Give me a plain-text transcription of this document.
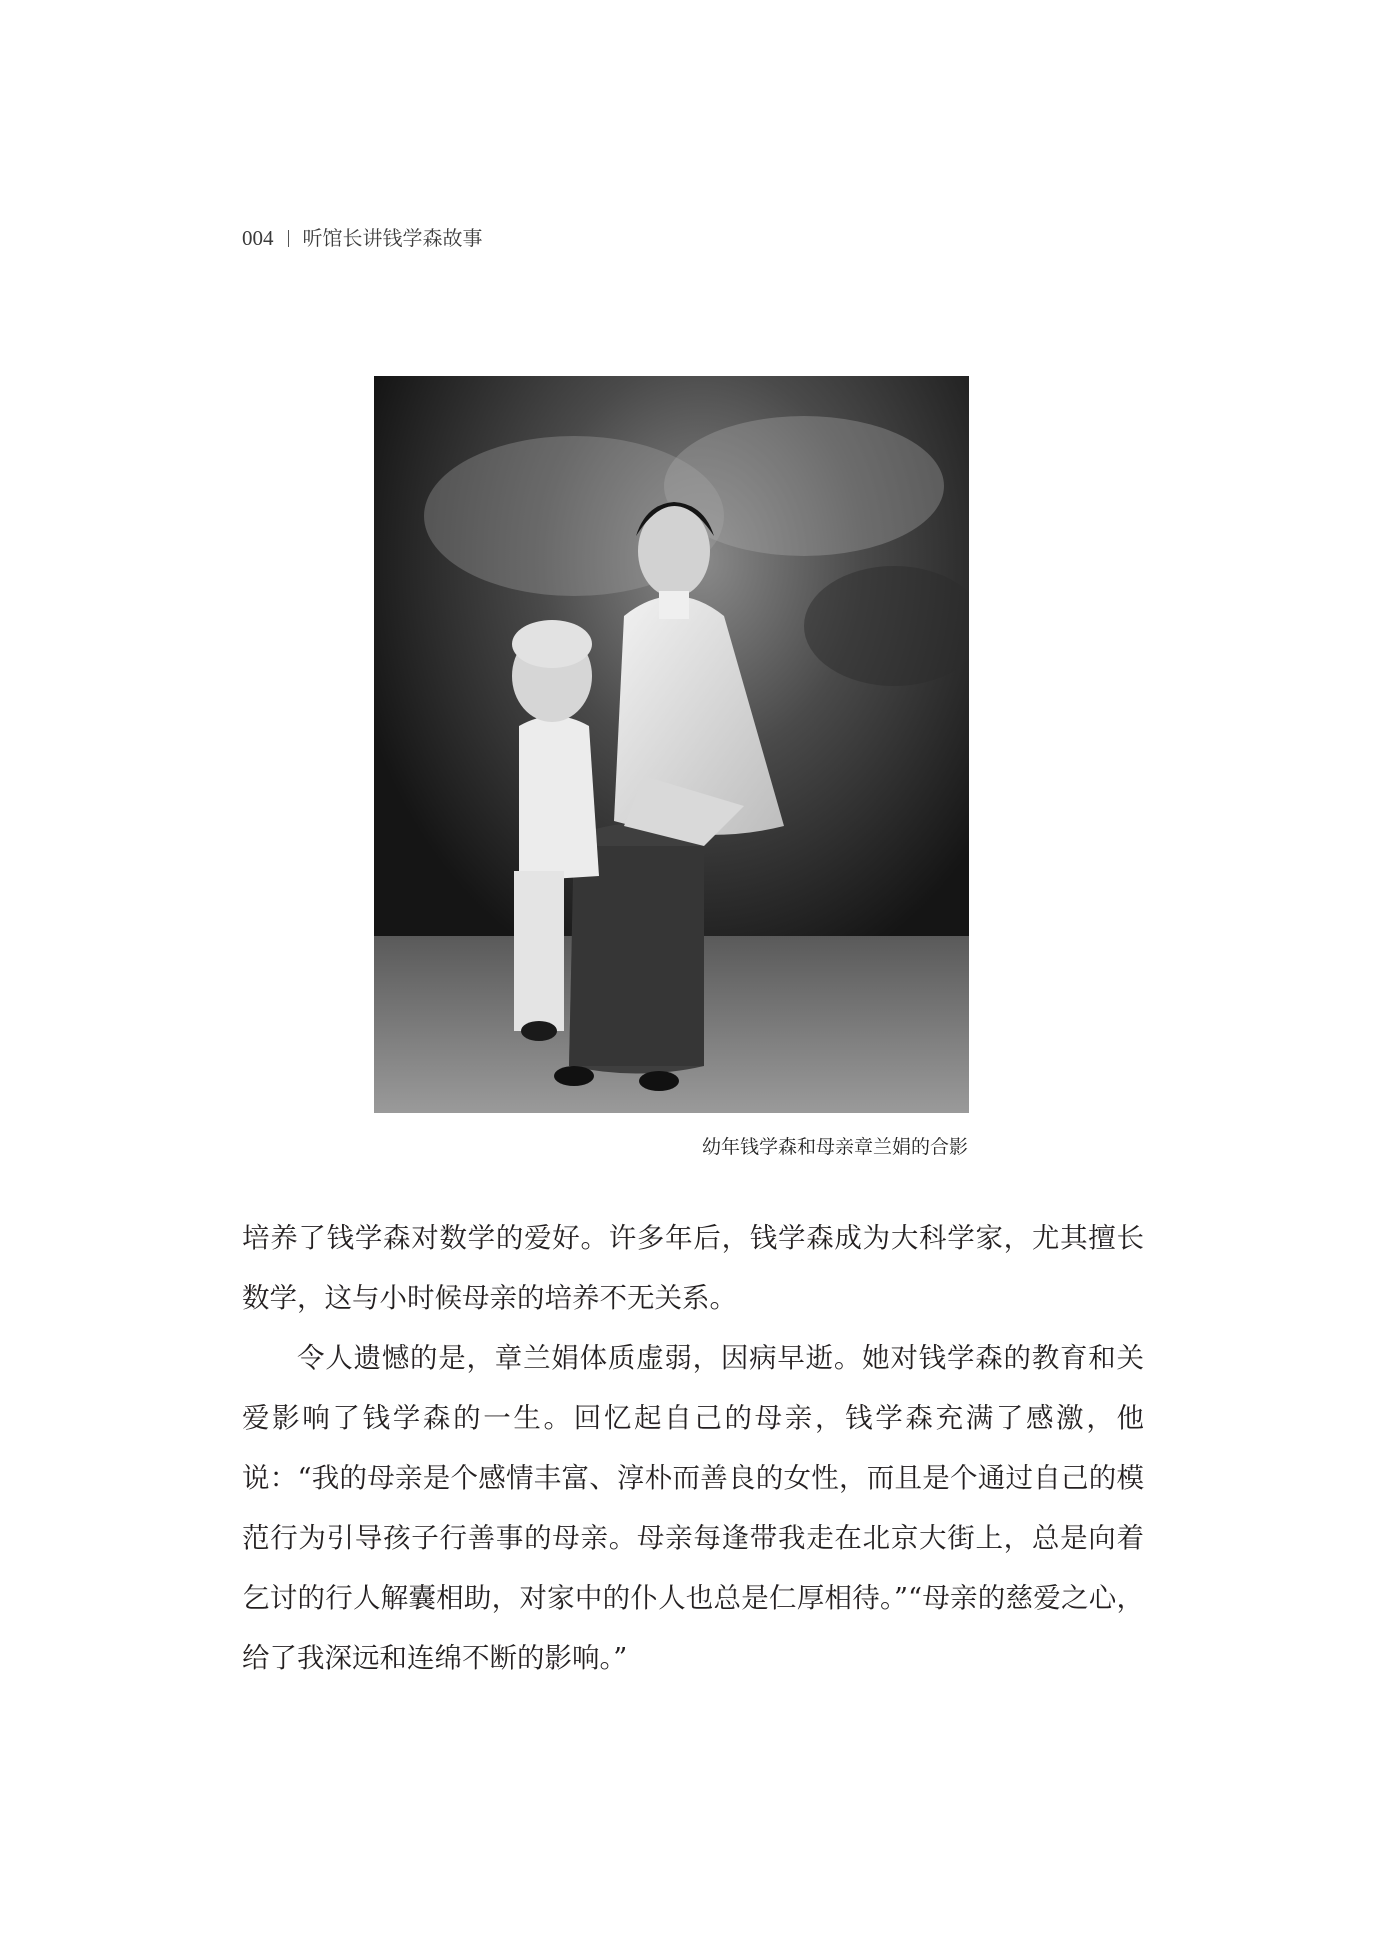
004 听馆长讲钱学森故事
幼年钱学森和母亲章兰娟的合影

培养了钱学森对数学的爱好。许多年后，钱学森成为大科学家，尤其擅长数学，这与小时候母亲的培养不无关系。

令人遗憾的是，章兰娟体质虚弱，因病早逝。她对钱学森的教育和关爱影响了钱学森的一生。回忆起自己的母亲，钱学森充满了感激，他说：“我的母亲是个感情丰富、淳朴而善良的女性，而且是个通过自己的模范行为引导孩子行善事的母亲。母亲每逢带我走在北京大街上，总是向着乞讨的行人解囊相助，对家中的仆人也总是仁厚相待。”“母亲的慈爱之心，给了我深远和连绵不断的影响。”
